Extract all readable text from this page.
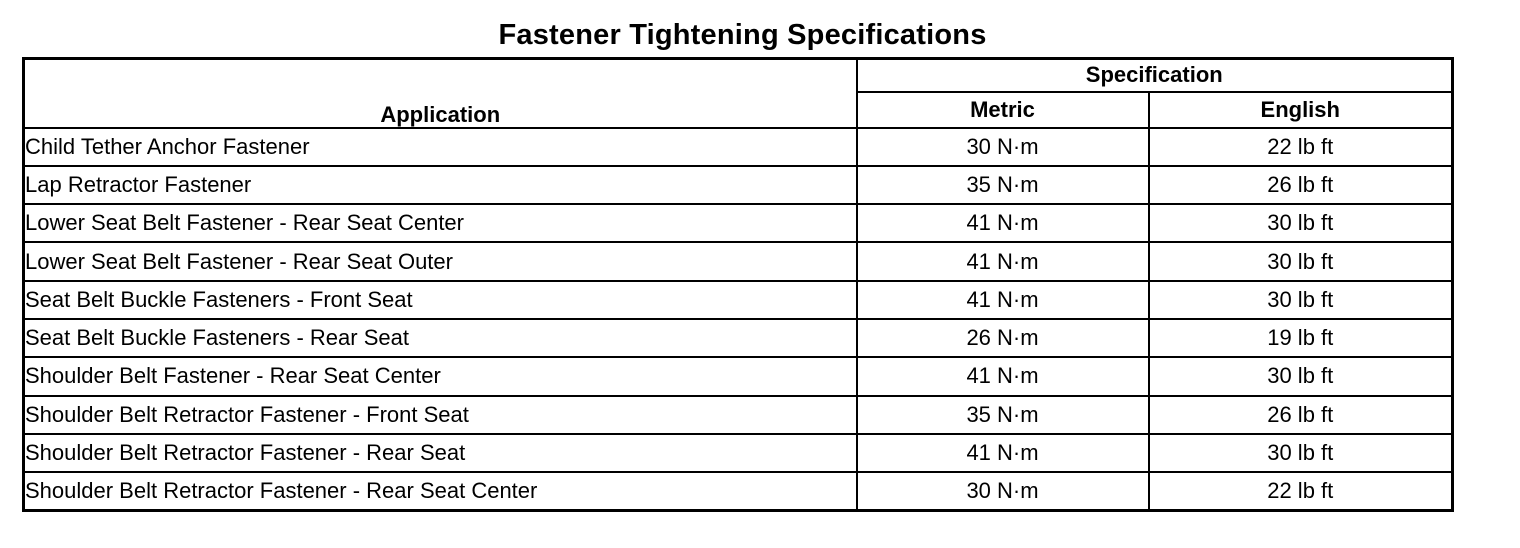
Fastener Tightening Specifications
Application	Specification	
	Metric	English
Child Tether Anchor Fastener	30 N·m	22 lb ft
Lap Retractor Fastener	35 N·m	26 lb ft
Lower Seat Belt Fastener - Rear Seat Center	41 N·m	30 lb ft
Lower Seat Belt Fastener - Rear Seat Outer	41 N·m	30 lb ft
Seat Belt Buckle Fasteners - Front Seat	41 N·m	30 lb ft
Seat Belt Buckle Fasteners - Rear Seat	26 N·m	19 lb ft
Shoulder Belt Fastener - Rear Seat Center	41 N·m	30 lb ft
Shoulder Belt Retractor Fastener - Front Seat	35 N·m	26 lb ft
Shoulder Belt Retractor Fastener - Rear Seat	41 N·m	30 lb ft
Shoulder Belt Retractor Fastener - Rear Seat Center	30 N·m	22 lb ft
